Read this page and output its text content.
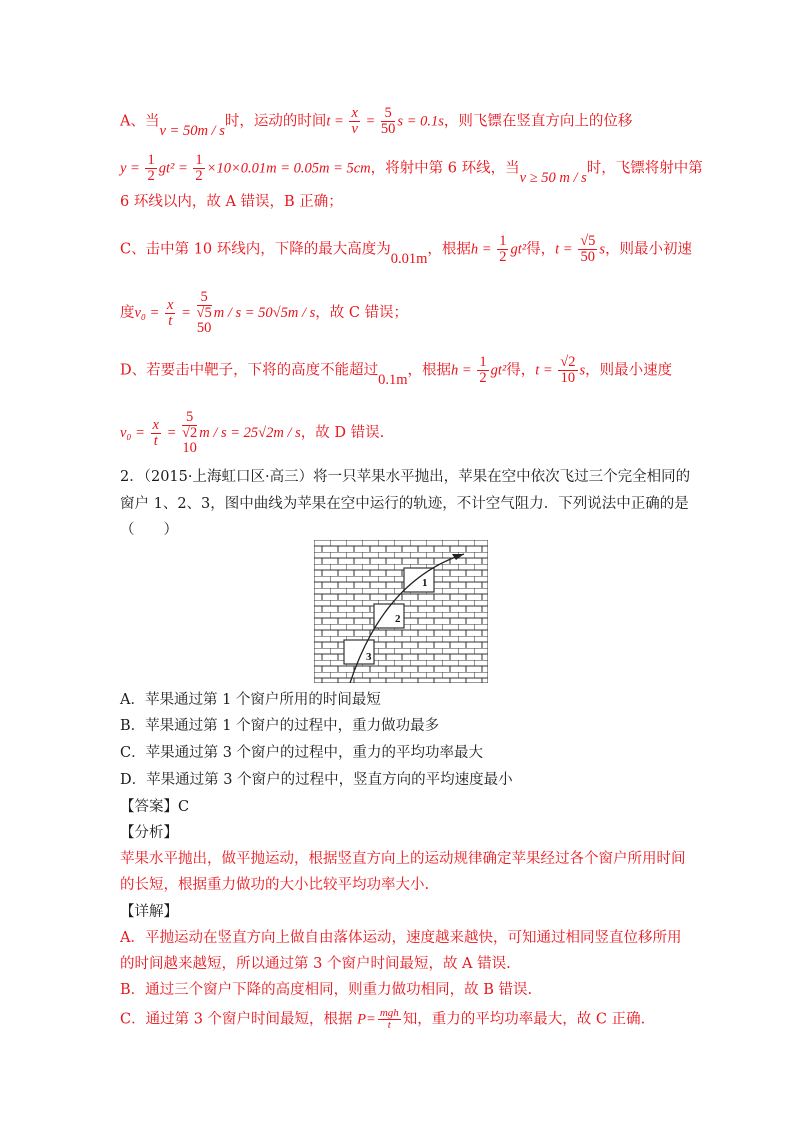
A、当v = 50m / s时，运动的时间$t = \frac{x}{v} = \frac{5}{50}$ s = 0.1s，则飞镖在竖直方向上的位移
$y = \frac{1}{2} gt^2 = \frac{1}{2} \times 10\times 0.01m = 0.05m = 5cm$，将射中第 6 环线，当v ≥ 50 m / s时，飞镖将射中第
6 环线以内，故 A 错误，B 正确；
C、击中第 10 环线内，下降的最大高度为0.01m，根据$h = \frac{1}{2} gt^2$得，$t = \frac{√5}{50}$ s，则最小初速
度$v_0 = \frac{x}{t}$ =
5
√5
50
m / s = 50√5m / s，故 C 错误；
D、若要击中靶子，下将的高度不能超过0.1m，根据$h = \frac{1}{2} gt^2$得，$t = \frac{√2}{10}$ s，则最小速度
$v_0 = \frac{x}{t}$ =
5
√2
10
m / s = 25√2m / s，故 D 错误.
2．（2015·上海虹口区·高三）将一只苹果水平抛出，苹果在空中依次飞过三个完全相同的
窗户 1、2、3，图中曲线为苹果在空中运行的轨迹，不计空气阻力．下列说法中正确的是
（　　）
1
2
3
A．苹果通过第 1 个窗户所用的时间最短
B．苹果通过第 1 个窗户的过程中，重力做功最多
C．苹果通过第 3 个窗户的过程中，重力的平均功率最大
D．苹果通过第 3 个窗户的过程中，竖直方向的平均速度最小
【答案】C
【分析】
苹果水平抛出，做平抛运动，根据竖直方向上的运动规律确定苹果经过各个窗户所用时间
的长短，根据重力做功的大小比较平均功率大小.
【详解】
A．平抛运动在竖直方向上做自由落体运动，速度越来越快，可知通过相同竖直位移所用
的时间越来越短，所以通过第 3 个窗户时间最短，故 A 错误.
B．通过三个窗户下降的高度相同，则重力做功相同，故 B 错误.
C．通过第 3 个窗户时间最短，根据 $P= \frac{\text{mgh}}{t}$ 知，重力的平均功率最大，故 C 正确.
